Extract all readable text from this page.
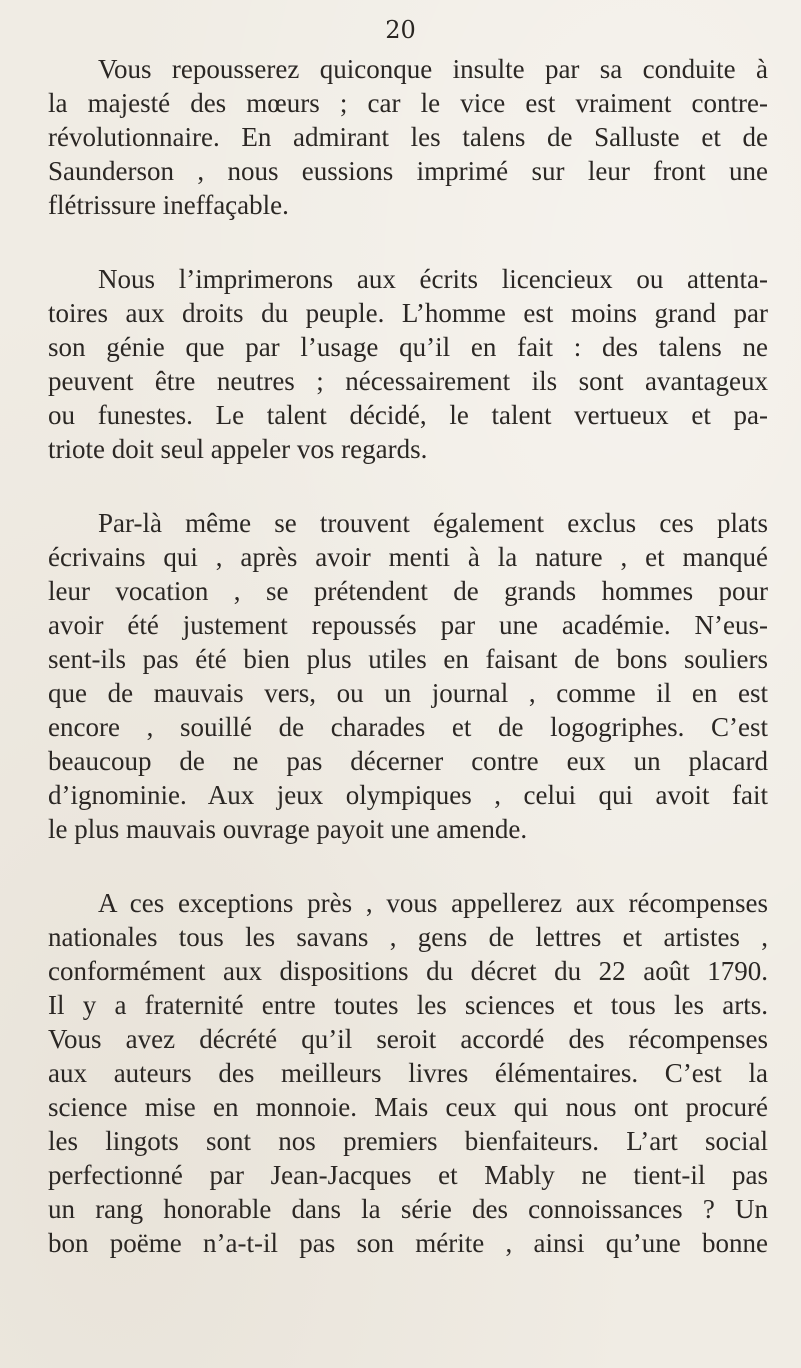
20
Vous repousserez quiconque insulte par sa conduite à
la majesté des mœurs ; car le vice est vraiment contre-
révolutionnaire. En admirant les talens de Salluste et de
Saunderson , nous eussions imprimé sur leur front une
flétrissure ineffaçable.
Nous l’imprimerons aux écrits licencieux ou attenta-
toires aux droits du peuple. L’homme est moins grand par
son génie que par l’usage qu’il en fait : des talens ne
peuvent être neutres ; nécessairement ils sont avantageux
ou funestes. Le talent décidé, le talent vertueux et pa-
triote doit seul appeler vos regards.
Par-là même se trouvent également exclus ces plats
écrivains qui , après avoir menti à la nature , et manqué
leur vocation , se prétendent de grands hommes pour
avoir été justement repoussés par une académie. N’eus-
sent-ils pas été bien plus utiles en faisant de bons souliers
que de mauvais vers, ou un journal , comme il en est
encore , souillé de charades et de logogriphes. C’est
beaucoup de ne pas décerner contre eux un placard
d’ignominie. Aux jeux olympiques , celui qui avoit fait
le plus mauvais ouvrage payoit une amende.
A ces exceptions près , vous appellerez aux récompenses
nationales tous les savans , gens de lettres et artistes ,
conformément aux dispositions du décret du 22 août 1790.
Il y a fraternité entre toutes les sciences et tous les arts.
Vous avez décrété qu’il seroit accordé des récompenses
aux auteurs des meilleurs livres élémentaires. C’est la
science mise en monnoie. Mais ceux qui nous ont procuré
les lingots sont nos premiers bienfaiteurs. L’art social
perfectionné par Jean-Jacques et Mably ne tient-il pas
un rang honorable dans la série des connoissances ? Un
bon poëme n’a-t-il pas son mérite , ainsi qu’une bonne
